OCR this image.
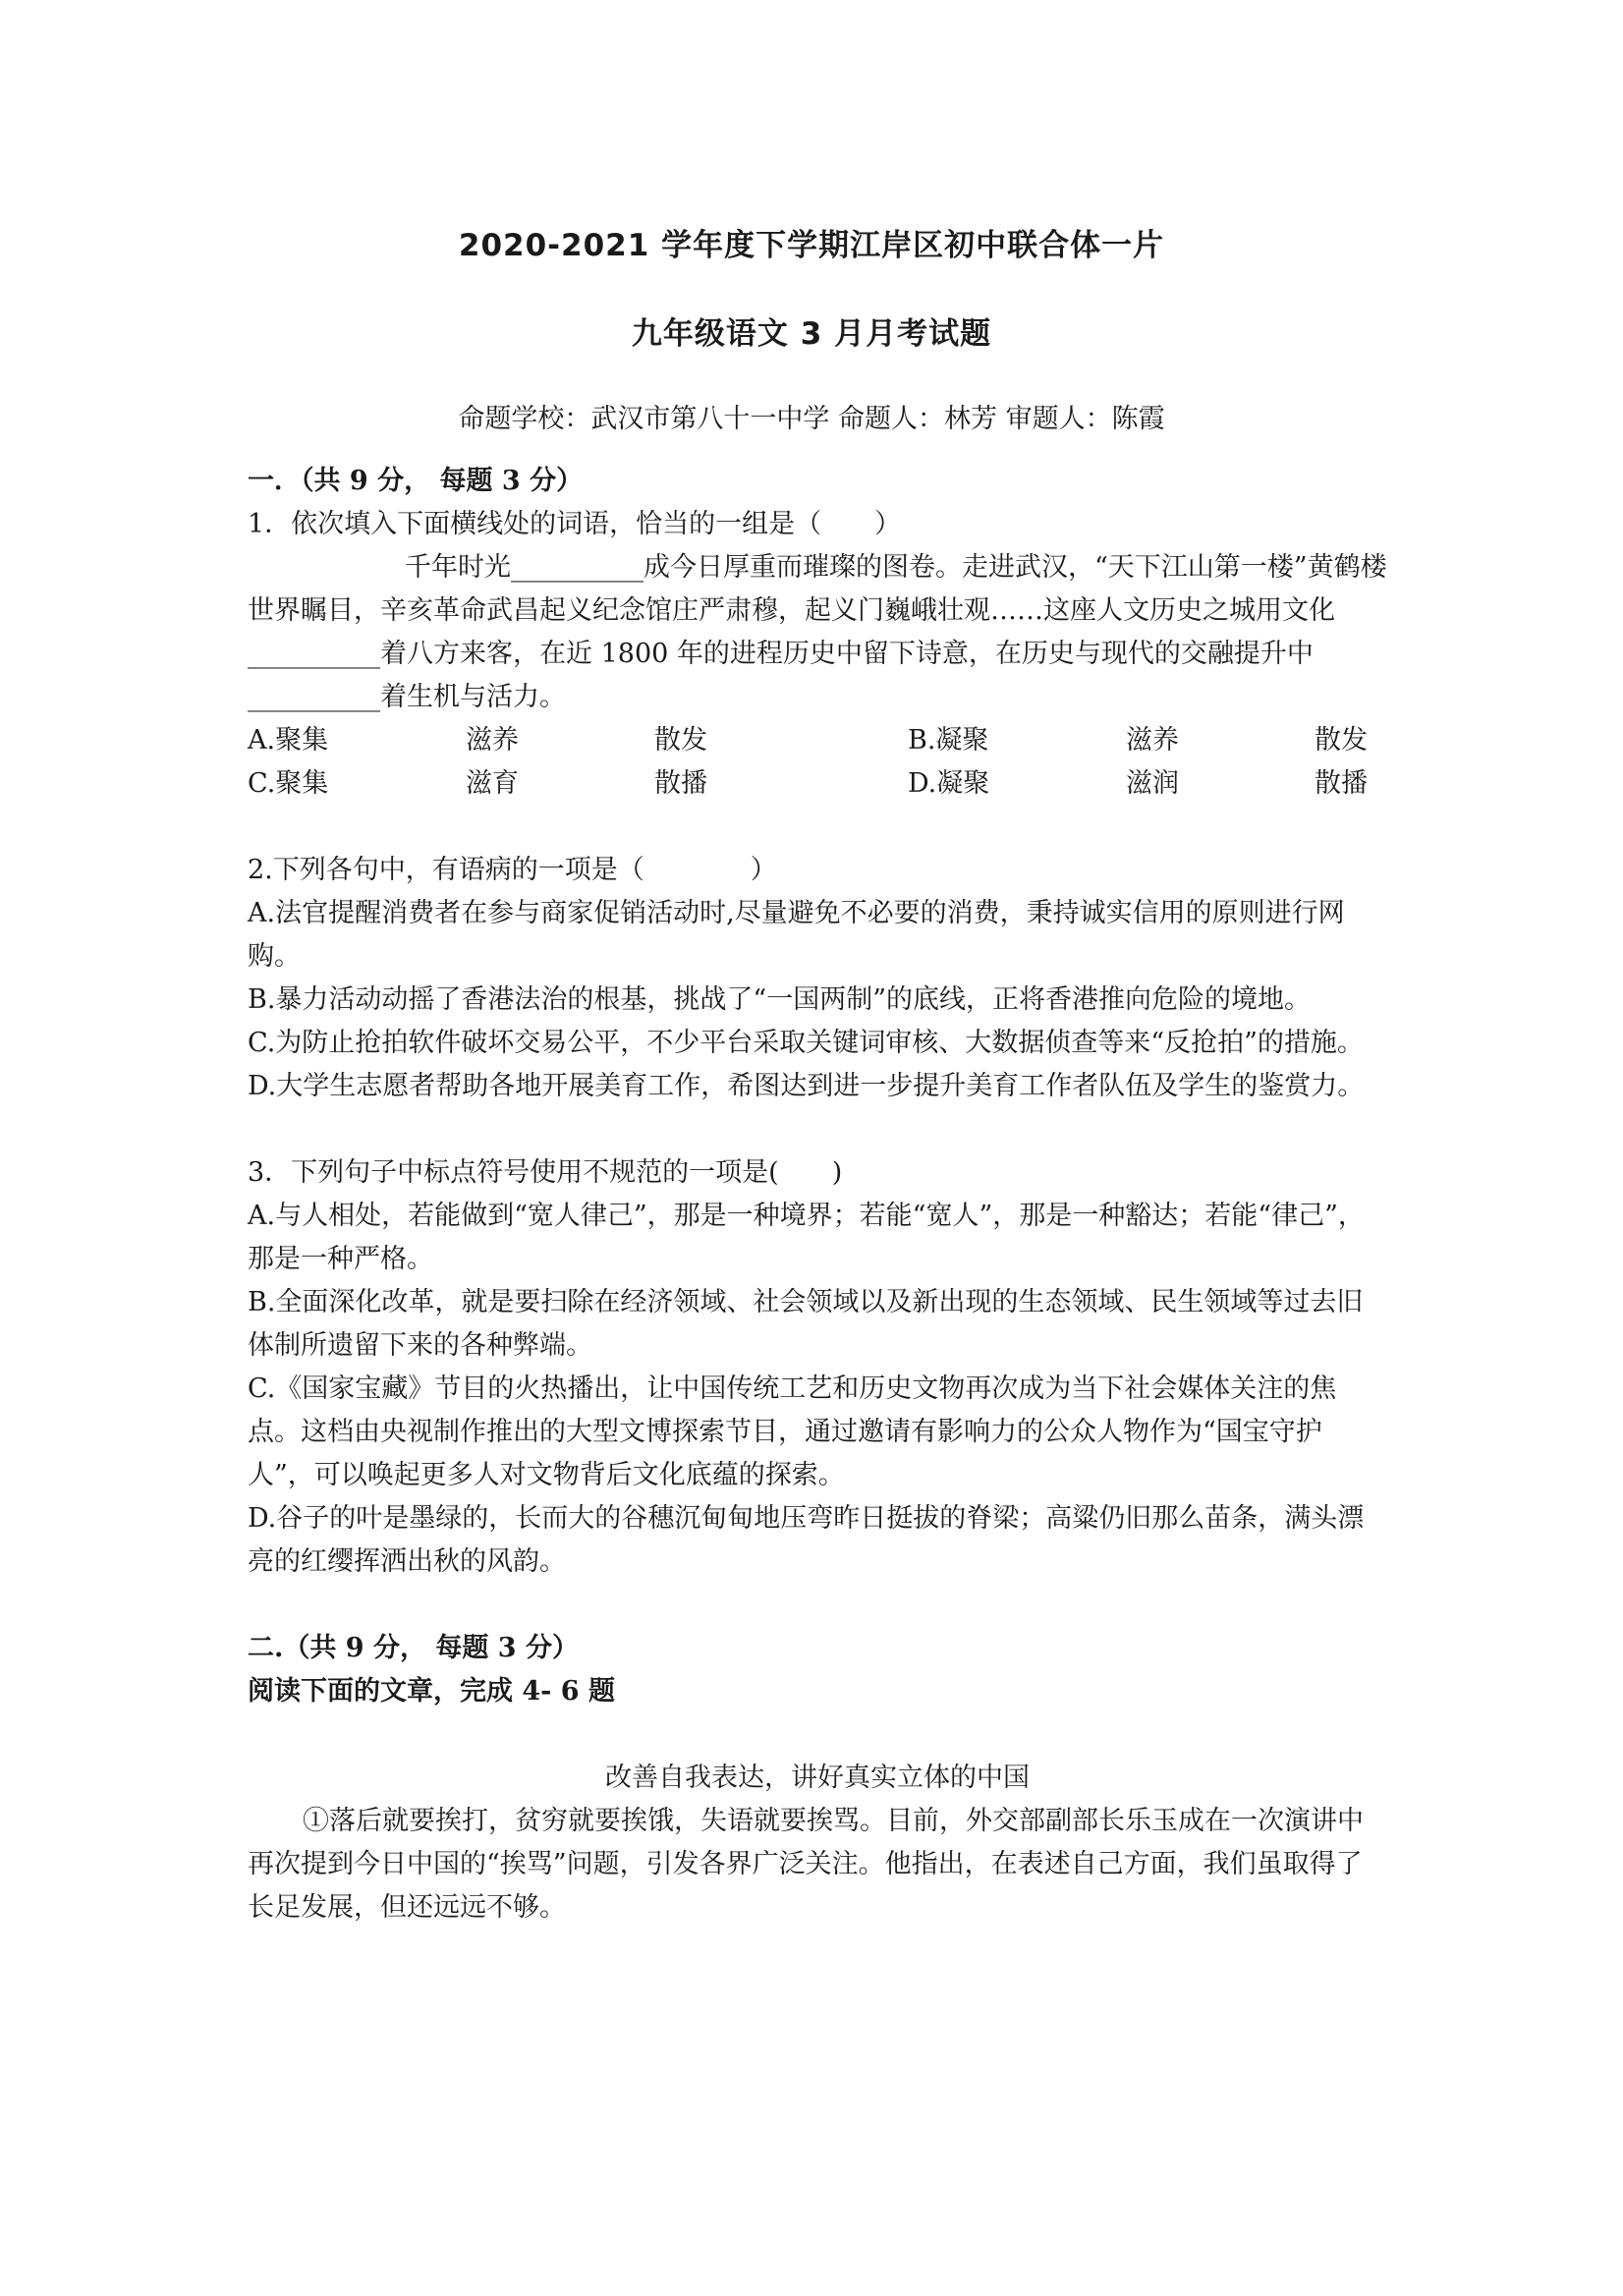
2020-2021 学年度下学期江岸区初中联合体一片
九年级语文 3 月月考试题
命题学校：武汉市第八十一中学 命题人：林芳 审题人：陈霞

一．（共 9 分， 每题 3 分）

1．依次填入下面横线处的词语，恰当的一组是（　　）

千年时光__________成今日厚重而璀璨的图卷。走进武汉，“天下江山第一楼”黄鹤楼世界瞩目，辛亥革命武昌起义纪念馆庄严肃穆，起义门巍峨壮观……这座人文历史之城用文化__________着八方来客，在近 1800 年的进程历史中留下诗意，在历史与现代的交融提升中__________着生机与活力。

A.聚集	滋养	散发	B.凝聚	滋养	散发
C.聚集	滋育	散播	D.凝聚	滋润	散播

2.下列各句中，有语病的一项是（　　　　）

A.法官提醒消费者在参与商家促销活动时,尽量避免不必要的消费，秉持诚实信用的原则进行网购。

B.暴力活动动摇了香港法治的根基，挑战了“一国两制”的底线，正将香港推向危险的境地。

C.为防止抢拍软件破坏交易公平，不少平台采取关键词审核、大数据侦查等来“反抢拍”的措施。

D.大学生志愿者帮助各地开展美育工作，希图达到进一步提升美育工作者队伍及学生的鉴赏力。

3．下列句子中标点符号使用不规范的一项是(　　)

A.与人相处，若能做到“宽人律己”，那是一种境界；若能“宽人”，那是一种豁达；若能“律己”，那是一种严格。

B.全面深化改革，就是要扫除在经济领域、社会领域以及新出现的生态领域、民生领域等过去旧体制所遗留下来的各种弊端。

C.《国家宝藏》节目的火热播出，让中国传统工艺和历史文物再次成为当下社会媒体关注的焦点。这档由央视制作推出的大型文博探索节目，通过邀请有影响力的公众人物作为“国宝守护人”，可以唤起更多人对文物背后文化底蕴的探索。

D.谷子的叶是墨绿的，长而大的谷穗沉甸甸地压弯昨日挺拔的脊梁；高粱仍旧那么苗条，满头漂亮的红缨挥洒出秋的风韵。

二.（共 9 分， 每题 3 分）

阅读下面的文章，完成 4- 6 题

改善自我表达，讲好真实立体的中国

①落后就要挨打，贫穷就要挨饿，失语就要挨骂。目前，外交部副部长乐玉成在一次演讲中再次提到今日中国的“挨骂”问题，引发各界广泛关注。他指出，在表述自己方面，我们虽取得了长足发展，但还远远不够。
